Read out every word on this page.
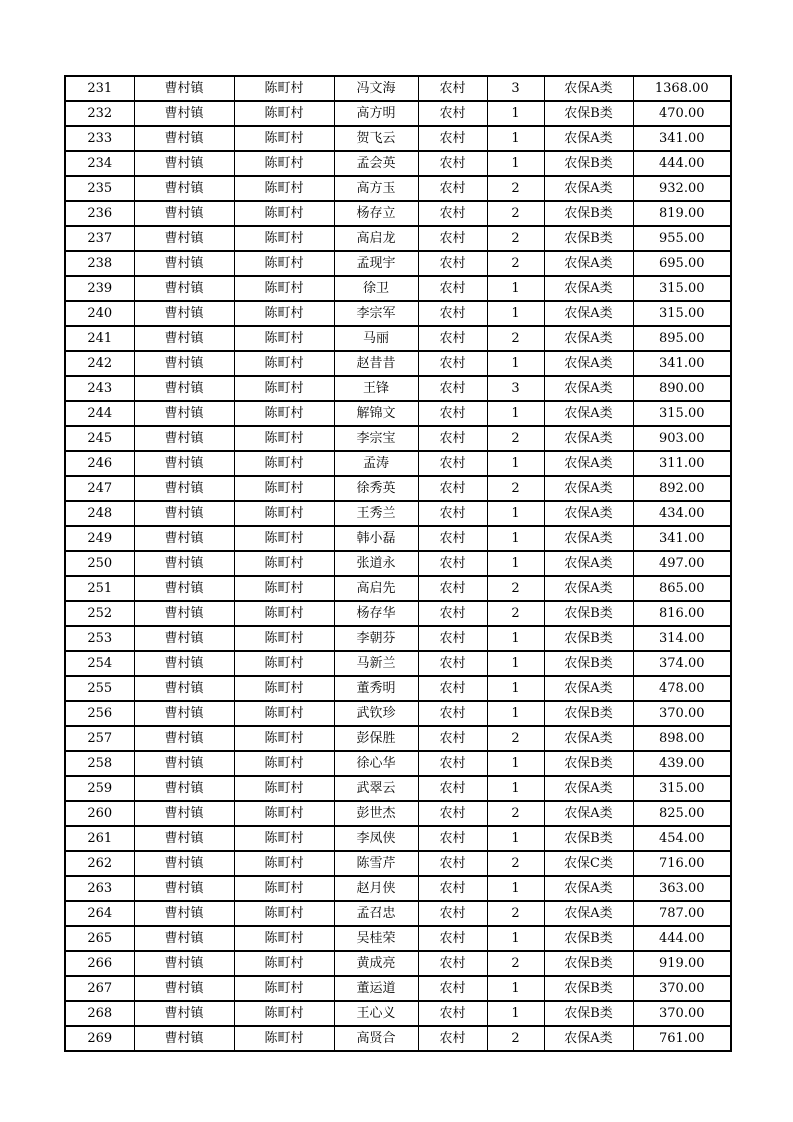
231	曹村镇	陈町村	冯文海	农村	3	农保A类	1368.00
232	曹村镇	陈町村	高方明	农村	1	农保B类	470.00
233	曹村镇	陈町村	贺飞云	农村	1	农保A类	341.00
234	曹村镇	陈町村	孟会英	农村	1	农保B类	444.00
235	曹村镇	陈町村	高方玉	农村	2	农保A类	932.00
236	曹村镇	陈町村	杨存立	农村	2	农保B类	819.00
237	曹村镇	陈町村	高启龙	农村	2	农保B类	955.00
238	曹村镇	陈町村	孟现宇	农村	2	农保A类	695.00
239	曹村镇	陈町村	徐卫	农村	1	农保A类	315.00
240	曹村镇	陈町村	李宗军	农村	1	农保A类	315.00
241	曹村镇	陈町村	马丽	农村	2	农保A类	895.00
242	曹村镇	陈町村	赵昔昔	农村	1	农保A类	341.00
243	曹村镇	陈町村	王锋	农村	3	农保A类	890.00
244	曹村镇	陈町村	解锦文	农村	1	农保A类	315.00
245	曹村镇	陈町村	李宗宝	农村	2	农保A类	903.00
246	曹村镇	陈町村	孟涛	农村	1	农保A类	311.00
247	曹村镇	陈町村	徐秀英	农村	2	农保A类	892.00
248	曹村镇	陈町村	王秀兰	农村	1	农保A类	434.00
249	曹村镇	陈町村	韩小磊	农村	1	农保A类	341.00
250	曹村镇	陈町村	张道永	农村	1	农保A类	497.00
251	曹村镇	陈町村	高启先	农村	2	农保A类	865.00
252	曹村镇	陈町村	杨存华	农村	2	农保B类	816.00
253	曹村镇	陈町村	李朝芬	农村	1	农保B类	314.00
254	曹村镇	陈町村	马新兰	农村	1	农保B类	374.00
255	曹村镇	陈町村	董秀明	农村	1	农保A类	478.00
256	曹村镇	陈町村	武钦珍	农村	1	农保B类	370.00
257	曹村镇	陈町村	彭保胜	农村	2	农保A类	898.00
258	曹村镇	陈町村	徐心华	农村	1	农保B类	439.00
259	曹村镇	陈町村	武翠云	农村	1	农保A类	315.00
260	曹村镇	陈町村	彭世杰	农村	2	农保A类	825.00
261	曹村镇	陈町村	李凤侠	农村	1	农保B类	454.00
262	曹村镇	陈町村	陈雪芹	农村	2	农保C类	716.00
263	曹村镇	陈町村	赵月侠	农村	1	农保A类	363.00
264	曹村镇	陈町村	孟召忠	农村	2	农保A类	787.00
265	曹村镇	陈町村	吴桂荣	农村	1	农保B类	444.00
266	曹村镇	陈町村	黄成亮	农村	2	农保B类	919.00
267	曹村镇	陈町村	董运道	农村	1	农保B类	370.00
268	曹村镇	陈町村	王心义	农村	1	农保B类	370.00
269	曹村镇	陈町村	高贤合	农村	2	农保A类	761.00
